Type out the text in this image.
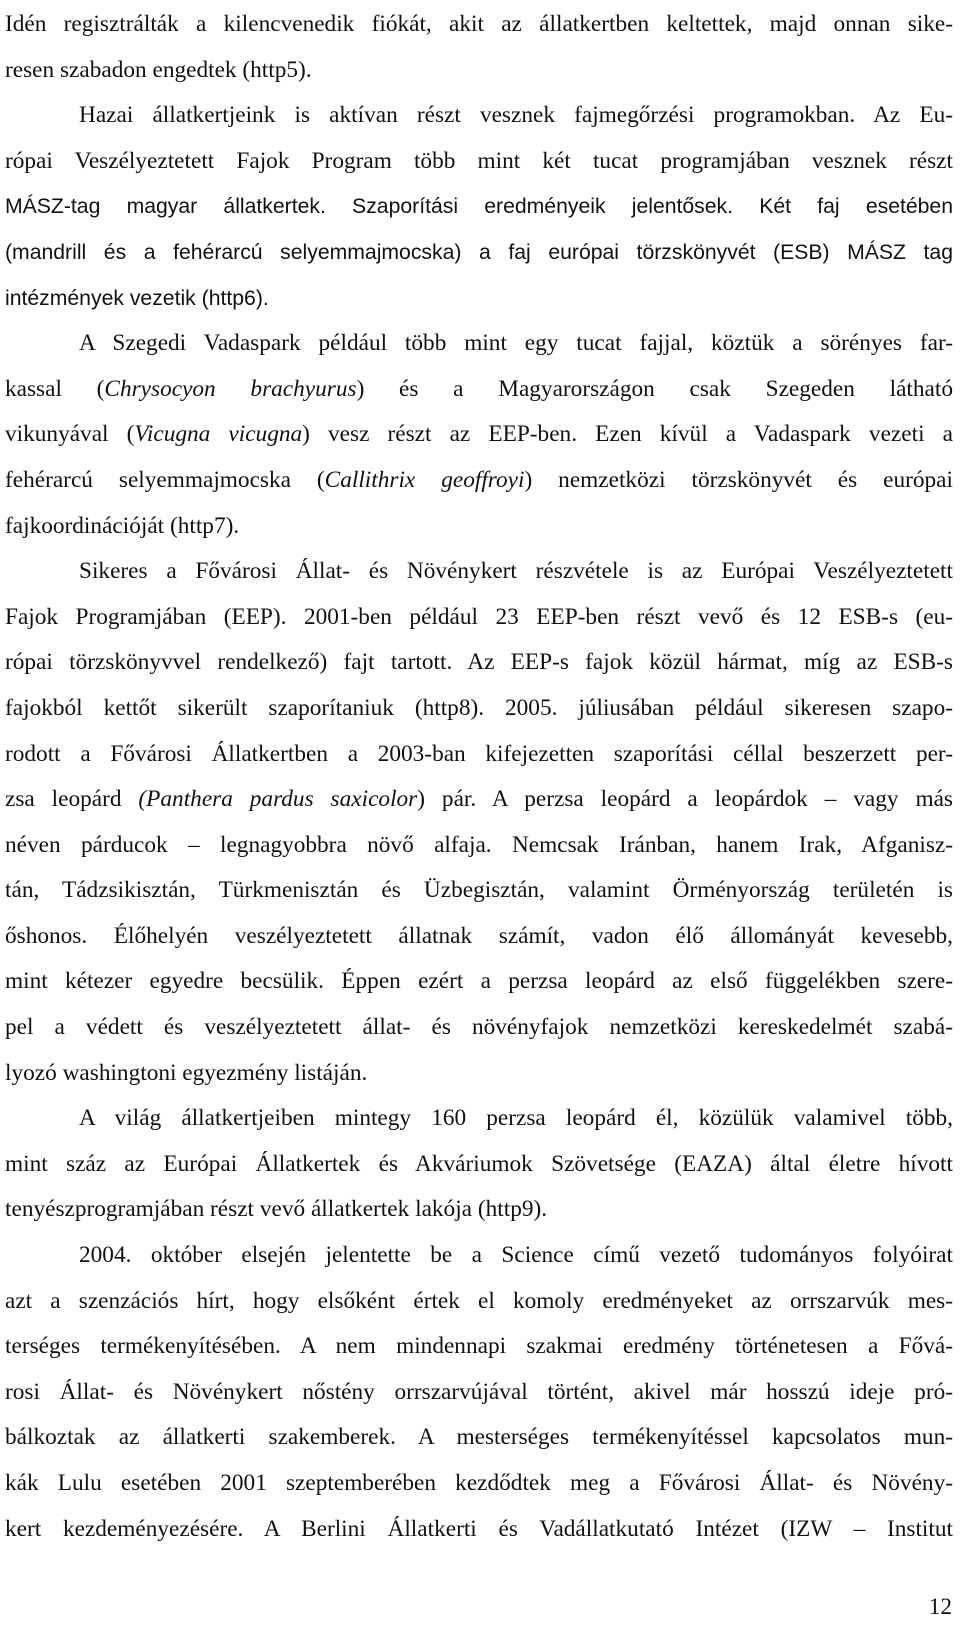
Idén regisztrálták a kilencvenedik fiókát, akit az állatkertben keltettek, majd onnan sike-
resen szabadon engedtek (http5).
Hazai állatkertjeink is aktívan részt vesznek fajmegőrzési programokban. Az Eu-
rópai Veszélyeztetett Fajok Program több mint két tucat programjában vesznek részt
MÁSZ-tag magyar állatkertek. Szaporítási eredményeik jelentősek. Két faj esetében
(mandrill és a fehérarcú selyemmajmocska) a faj európai törzskönyvét (ESB) MÁSZ tag
intézmények vezetik (http6).
A Szegedi Vadaspark például több mint egy tucat fajjal, köztük a sörényes far-
kassal (Chrysocyon brachyurus) és a Magyarországon csak Szegeden látható
vikunyával (Vicugna vicugna) vesz részt az EEP-ben. Ezen kívül a Vadaspark vezeti a
fehérarcú selyemmajmocska (Callithrix geoffroyi) nemzetközi törzskönyvét és európai
fajkoordinációját (http7).
Sikeres a Fővárosi Állat- és Növénykert részvétele is az Európai Veszélyeztetett
Fajok Programjában (EEP). 2001-ben például 23 EEP-ben részt vevő és 12 ESB-s (eu-
rópai törzskönyvvel rendelkező) fajt tartott. Az EEP-s fajok közül hármat, míg az ESB-s
fajokból kettőt sikerült szaporítaniuk (http8). 2005. júliusában például sikeresen szapo-
rodott a Fővárosi Állatkertben a 2003-ban kifejezetten szaporítási céllal beszerzett per-
zsa leopárd (Panthera pardus saxicolor) pár. A perzsa leopárd a leopárdok – vagy más
néven párducok – legnagyobbra növő alfaja. Nemcsak Iránban, hanem Irak, Afganisz-
tán, Tádzsikisztán, Türkmenisztán és Üzbegisztán, valamint Örményország területén is
őshonos. Élőhelyén veszélyeztetett állatnak számít, vadon élő állományát kevesebb,
mint kétezer egyedre becsülik. Éppen ezért a perzsa leopárd az első függelékben szere-
pel a védett és veszélyeztetett állat- és növényfajok nemzetközi kereskedelmét szabá-
lyozó washingtoni egyezmény listáján.
A világ állatkertjeiben mintegy 160 perzsa leopárd él, közülük valamivel több,
mint száz az Európai Állatkertek és Akváriumok Szövetsége (EAZA) által életre hívott
tenyészprogramjában részt vevő állatkertek lakója (http9).
2004. október elsején jelentette be a Science című vezető tudományos folyóirat
azt a szenzációs hírt, hogy elsőként értek el komoly eredményeket az orrszarvúk mes-
terséges termékenyítésében. A nem mindennapi szakmai eredmény történetesen a Fővá-
rosi Állat- és Növénykert nőstény orrszarvújával történt, akivel már hosszú ideje pró-
bálkoztak az állatkerti szakemberek. A mesterséges termékenyítéssel kapcsolatos mun-
kák Lulu esetében 2001 szeptemberében kezdődtek meg a Fővárosi Állat- és Növény-
kert kezdeményezésére. A Berlini Állatkerti és Vadállatkutató Intézet (IZW – Institut
12
